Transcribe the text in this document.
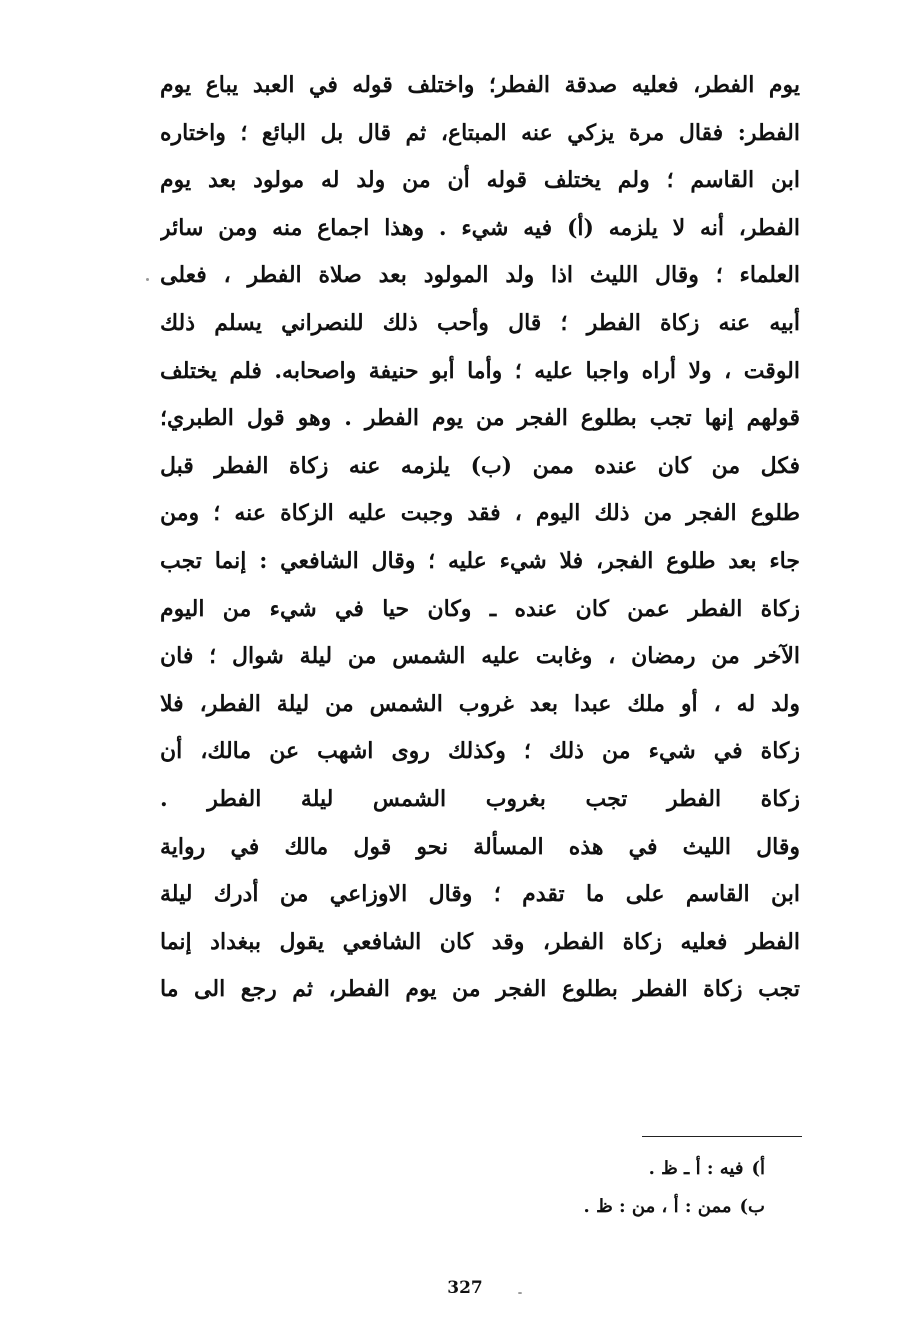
يوم الفطر، فعليه صدقة الفطر؛ واختلف قوله في العبد يباع يوم
الفطر: فقال مرة يزكي عنه المبتاع، ثم قال بل البائع ؛ واختاره
ابن القاسم ؛ ولم يختلف قوله أن من ولد له مولود بعد يوم
الفطر، أنه لا يلزمه (أ) فيه شيء . وهذا اجماع منه ومن سائر
العلماء ؛ وقال الليث اذا ولد المولود بعد صلاة الفطر ، فعلى
أبيه عنه زكاة الفطر ؛ قال وأحب ذلك للنصراني يسلم ذلك
الوقت ، ولا أراه واجبا عليه ؛ وأما أبو حنيفة واصحابه. فلم يختلف
قولهم إنها تجب بطلوع الفجر من يوم الفطر . وهو قول الطبري؛
فكل من كان عنده ممن (ب) يلزمه عنه زكاة الفطر قبل
طلوع الفجر من ذلك اليوم ، فقد وجبت عليه الزكاة عنه ؛ ومن
جاء بعد طلوع الفجر، فلا شيء عليه ؛ وقال الشافعي : إنما تجب
زكاة الفطر عمن كان عنده ـ وكان حيا في شيء من اليوم
الآخر من رمضان ، وغابت عليه الشمس من ليلة شوال ؛ فان
ولد له ، أو ملك عبدا بعد غروب الشمس من ليلة الفطر، فلا
زكاة في شيء من ذلك ؛ وكذلك روى اشهب عن مالك، أن
زكاة الفطر تجب بغروب الشمس ليلة الفطر .
وقال الليث في هذه المسألة نحو قول مالك في رواية
ابن القاسم على ما تقدم ؛ وقال الاوزاعي من أدرك ليلة
الفطر فعليه زكاة الفطر، وقد كان الشافعي يقول ببغداد إنما
تجب زكاة الفطر بطلوع الفجر من يوم الفطر، ثم رجع الى ما
أ)فيه : أ ـ ظ .
ب)ممن : أ ، من : ظ .
327
